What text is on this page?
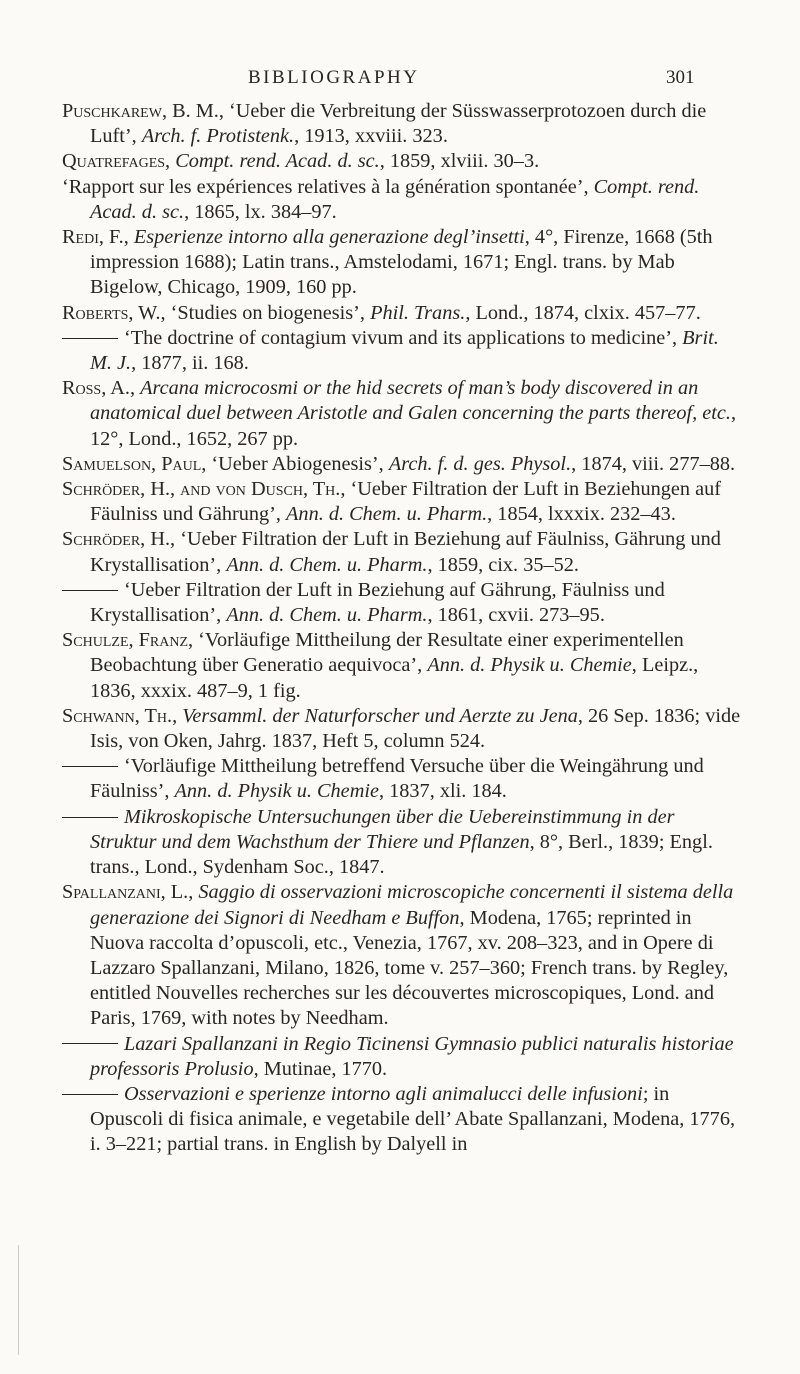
BIBLIOGRAPHY	301

Puschkarew, B. M., ‘Ueber die Verbreitung der Süsswasserprotozoen durch die Luft’, Arch. f. Protistenk., 1913, xxviii. 323.

Quatrefages, Compt. rend. Acad. d. sc., 1859, xlviii. 30–3.

‘Rapport sur les expériences relatives à la génération spontanée’, Compt. rend. Acad. d. sc., 1865, lx. 384–97.

Redi, F., Esperienze intorno alla generazione degl’insetti, 4°, Firenze, 1668 (5th impression 1688); Latin trans., Amstelodami, 1671; Engl. trans. by Mab Bigelow, Chicago, 1909, 160 pp.

Roberts, W., ‘Studies on biogenesis’, Phil. Trans., Lond., 1874, clxix. 457–77.

‘The doctrine of contagium vivum and its applications to medicine’, Brit. M. J., 1877, ii. 168.

Ross, A., Arcana microcosmi or the hid secrets of man’s body discovered in an anatomical duel between Aristotle and Galen concerning the parts thereof, etc., 12°, Lond., 1652, 267 pp.

Samuelson, Paul, ‘Ueber Abiogenesis’, Arch. f. d. ges. Physol., 1874, viii. 277–88.

Schröder, H., and von Dusch, Th., ‘Ueber Filtration der Luft in Beziehungen auf Fäulniss und Gährung’, Ann. d. Chem. u. Pharm., 1854, lxxxix. 232–43.

Schröder, H., ‘Ueber Filtration der Luft in Beziehung auf Fäulniss, Gährung und Krystallisation’, Ann. d. Chem. u. Pharm., 1859, cix. 35–52.

‘Ueber Filtration der Luft in Beziehung auf Gährung, Fäulniss und Krystallisation’, Ann. d. Chem. u. Pharm., 1861, cxvii. 273–95.

Schulze, Franz, ‘Vorläufige Mittheilung der Resultate einer experimentellen Beobachtung über Generatio aequivoca’, Ann. d. Physik u. Chemie, Leipz., 1836, xxxix. 487–9, 1 fig.

Schwann, Th., Versamml. der Naturforscher und Aerzte zu Jena, 26 Sep. 1836; vide Isis, von Oken, Jahrg. 1837, Heft 5, column 524.

‘Vorläufige Mittheilung betreffend Versuche über die Weingährung und Fäulniss’, Ann. d. Physik u. Chemie, 1837, xli. 184.

Mikroskopische Untersuchungen über die Uebereinstimmung in der Struktur und dem Wachsthum der Thiere und Pflanzen, 8°, Berl., 1839; Engl. trans., Lond., Sydenham Soc., 1847.

Spallanzani, L., Saggio di osservazioni microscopiche concernenti il sistema della generazione dei Signori di Needham e Buffon, Modena, 1765; reprinted in Nuova raccolta d’opuscoli, etc., Venezia, 1767, xv. 208–323, and in Opere di Lazzaro Spallanzani, Milano, 1826, tome v. 257–360; French trans. by Regley, entitled Nouvelles recherches sur les découvertes microscopiques, Lond. and Paris, 1769, with notes by Needham.

Lazari Spallanzani in Regio Ticinensi Gymnasio publici naturalis historiae professoris Prolusio, Mutinae, 1770.

Osservazioni e sperienze intorno agli animalucci delle infusioni; in Opuscoli di fisica animale, e vegetabile dell’ Abate Spallanzani, Modena, 1776, i. 3–221; partial trans. in English by Dalyell in
